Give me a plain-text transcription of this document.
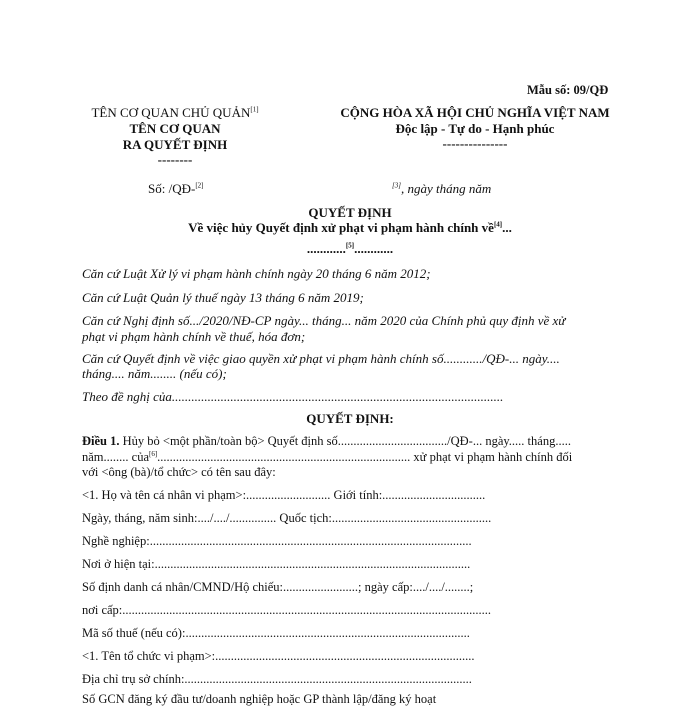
Mẫu số: 09/QĐ
TÊN CƠ QUAN CHỦ QUẢN[1]
TÊN CƠ QUAN
RA QUYẾT ĐỊNH
--------
CỘNG HÒA XÃ HỘI CHỦ NGHĨA VIỆT NAM
Độc lập - Tự do - Hạnh phúc
---------------
Số: /QĐ-[2]	[3], ngày tháng năm
QUYẾT ĐỊNH
Về việc hủy Quyết định xử phạt vi phạm hành chính về[4]...
............[5]............
Căn cứ Luật Xử lý vi phạm hành chính ngày 20 tháng 6 năm 2012;
Căn cứ Luật Quản lý thuế ngày 13 tháng 6 năm 2019;
Căn cứ Nghị định số.../2020/NĐ-CP ngày... tháng... năm 2020 của Chính phủ quy định về xử
phạt vi phạm hành chính về thuế, hóa đơn;
Căn cứ Quyết định về việc giao quyền xử phạt vi phạm hành chính số............/QĐ-... ngày....
tháng.... năm........ (nếu có);
Theo đề nghị của......................................................................................................
QUYẾT ĐỊNH:
Điều 1. Hủy bỏ <một phần/toàn bộ> Quyết định số.................................../QĐ-... ngày..... tháng.....
năm........ của[6]................................................................................. xử phạt vi phạm hành chính đối
với <ông (bà)/tổ chức> có tên sau đây:
<1. Họ và tên cá nhân vi phạm>:........................... Giới tính:.................................
Ngày, tháng, năm sinh:..../..../............... Quốc tịch:...................................................
Nghề nghiệp:.......................................................................................................
Nơi ở hiện tại:.....................................................................................................
Số định danh cá nhân/CMND/Hộ chiếu:........................; ngày cấp:..../..../........;
nơi cấp:......................................................................................................................
Mã số thuế (nếu có):...........................................................................................
<1. Tên tổ chức vi phạm>:...................................................................................
Địa chỉ trụ sở chính:............................................................................................
Số GCN đăng ký đầu tư/doanh nghiệp hoặc GP thành lập/đăng ký hoạt
